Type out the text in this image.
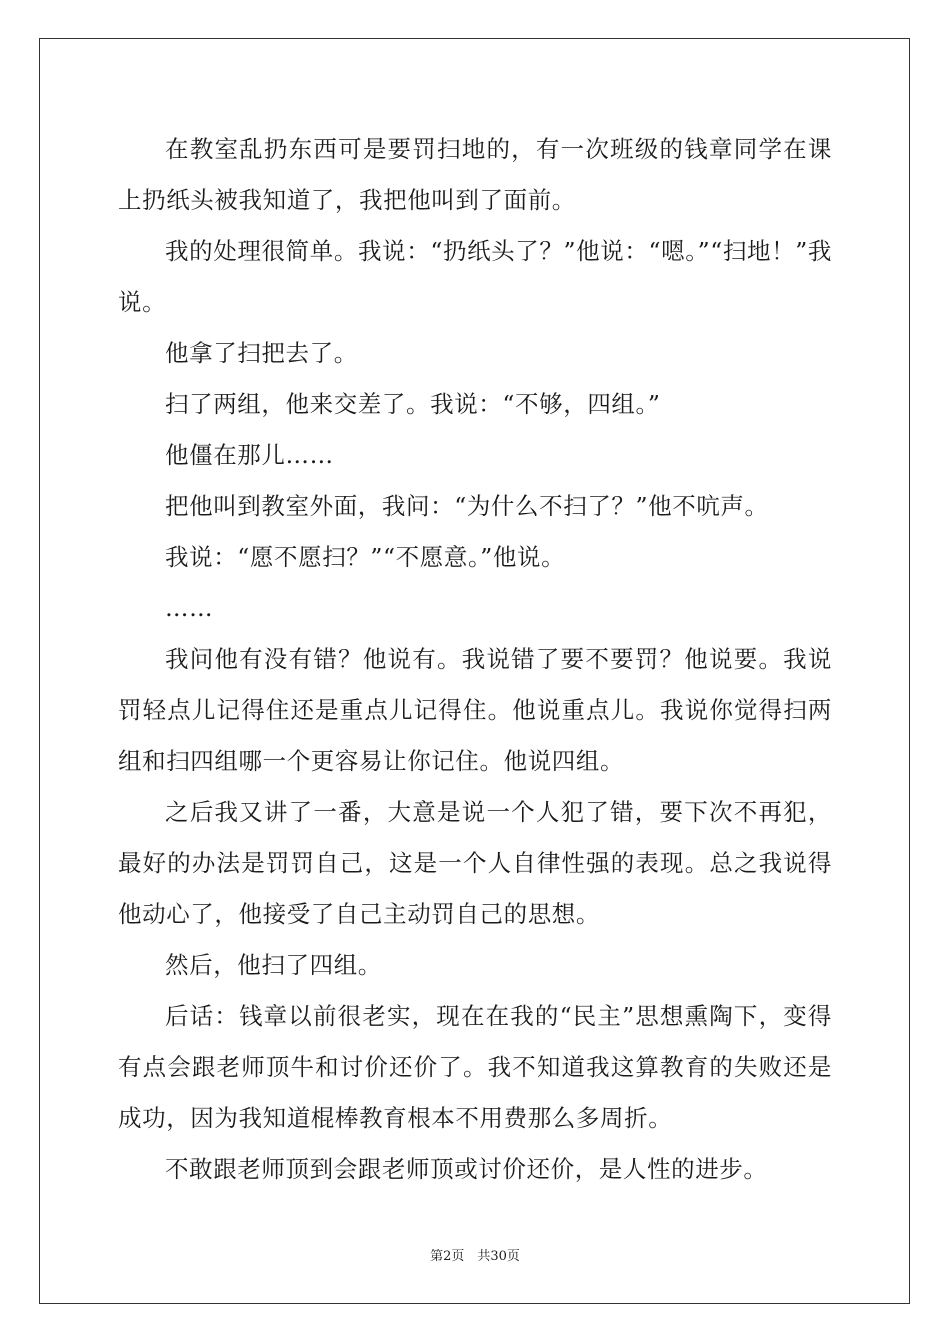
在教室乱扔东西可是要罚扫地的，有一次班级的钱章同学在课上扔纸头被我知道了，我把他叫到了面前。

我的处理很简单。我说：“扔纸头了？”他说：“嗯。”“扫地！”我说。

他拿了扫把去了。

扫了两组，他来交差了。我说：“不够，四组。”

他僵在那儿……

把他叫到教室外面，我问：“为什么不扫了？”他不吭声。

我说：“愿不愿扫？”“不愿意。”他说。

……

我问他有没有错？他说有。我说错了要不要罚？他说要。我说罚轻点儿记得住还是重点儿记得住。他说重点儿。我说你觉得扫两组和扫四组哪一个更容易让你记住。他说四组。

之后我又讲了一番，大意是说一个人犯了错，要下次不再犯，最好的办法是罚罚自己，这是一个人自律性强的表现。总之我说得他动心了，他接受了自己主动罚自己的思想。

然后，他扫了四组。

后话：钱章以前很老实，现在在我的“民主”思想熏陶下，变得有点会跟老师顶牛和讨价还价了。我不知道我这算教育的失败还是成功，因为我知道棍棒教育根本不用费那么多周折。

不敢跟老师顶到会跟老师顶或讨价还价，是人性的进步。

第2页　共30页
